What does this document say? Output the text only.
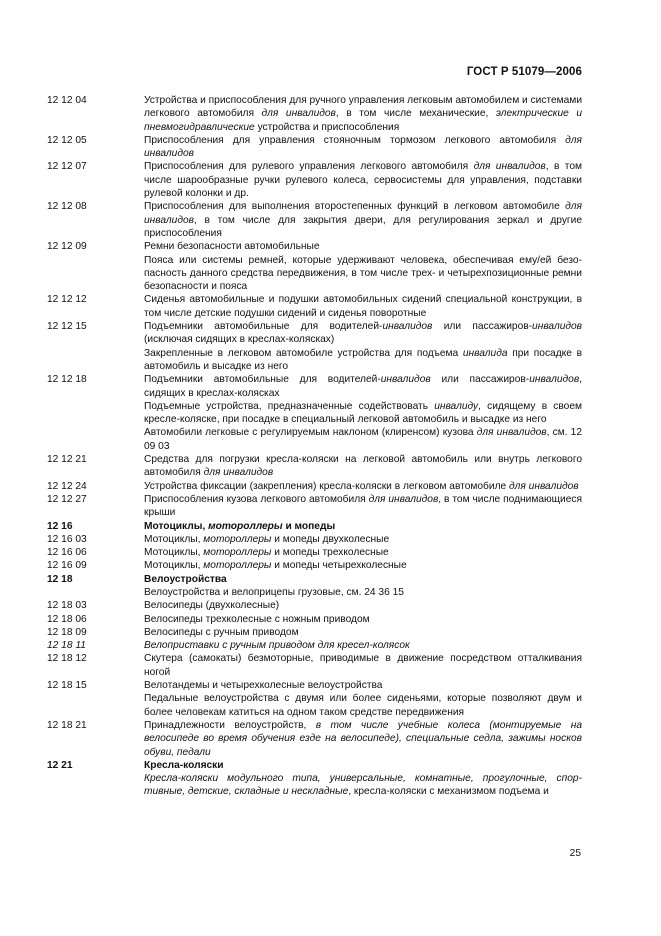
ГОСТ Р 51079—2006
12 12 04	Устройства и приспособления для ручного управления легковым автомобилем и системами легкового автомобиля для инвалидов, в том числе механические, электрические и пневмогидравлические устройства и приспособления

12 12 05	Приспособления для управления стояночным тормозом легкового автомобиля для инвалидов

12 12 07	Приспособления для рулевого управления легкового автомобиля для инвалидов, в том числе шарообразные ручки рулевого колеса, сервосистемы для управления, подставки рулевой колонки и др.

12 12 08	Приспособления для выполнения второстепенных функций в легковом автомобиле для инвалидов, в том числе для закрытия двери, для регулирования зеркал и другие приспособления

12 12 09	Ремни безопасности автомобильные

Пояса или системы ремней, которые удерживают человека, обеспечивая ему/ей безопасность данного средства передвижения, в том числе трех- и четырехпозиционные ремни безопасности и пояса

12 12 12	Сиденья автомобильные и подушки автомобильных сидений специальной конструкции, в том числе детские подушки сидений и сиденья поворотные

12 12 15	Подъемники автомобильные для водителей-инвалидов или пассажиров-инвалидов (исключая сидящих в креслах-колясках)

Закрепленные в легковом автомобиле устройства для подъема инвалида при посадке в автомобиль и высадке из него

12 12 18	Подъемники автомобильные для водителей-инвалидов или пассажиров-инвалидов, сидящих в креслах-колясках

Подъемные устройства, предназначенные содействовать инвалиду, сидящему в своем кресле-коляске, при посадке в специальный легковой автомобиль и высадке из него

Автомобили легковые с регулируемым наклоном (клиренсом) кузова для инвалидов, см. 12 09 03

12 12 21	Средства для погрузки кресла-коляски на легковой автомобиль или внутрь легкового автомобиля для инвалидов

12 12 24	Устройства фиксации (закрепления) кресла-коляски в легковом автомобиле для инвалидов

12 12 27	Приспособления кузова легкового автомобиля для инвалидов, в том числе поднимающиеся крыши

12 16	Мотоциклы, мотороллеры и мопеды

12 16 03	Мотоциклы, мотороллеры и мопеды двухколесные

12 16 06	Мотоциклы, мотороллеры и мопеды трехколесные

12 16 09	Мотоциклы, мотороллеры и мопеды четырехколесные

12 18	Велоустройства

Велоустройства и велоприцепы грузовые, см. 24 36 15

12 18 03	Велосипеды (двухколесные)

12 18 06	Велосипеды трехколесные с ножным приводом

12 18 09	Велосипеды с ручным приводом

12 18 11	Велоприставки с ручным приводом для кресел-колясок

12 18 12	Скутера (самокаты) безмоторные, приводимые в движение посредством отталкивания ногой

12 18 15	Велотандемы и четырехколесные велоустройства

Педальные велоустройства с двумя или более сиденьями, которые позволяют двум и более человекам катиться на одном таком средстве передвижения

12 18 21	Принадлежности велоустройств, в том числе учебные колеса (монтируемые на велосипеде во время обучения езде на велосипеде), специальные седла, зажимы носков обуви, педали

12 21	Кресла-коляски

Кресла-коляски модульного типа, универсальные, комнатные, прогулочные, спортивные, детские, складные и нескладные, кресла-коляски с механизмом подъема и

25
